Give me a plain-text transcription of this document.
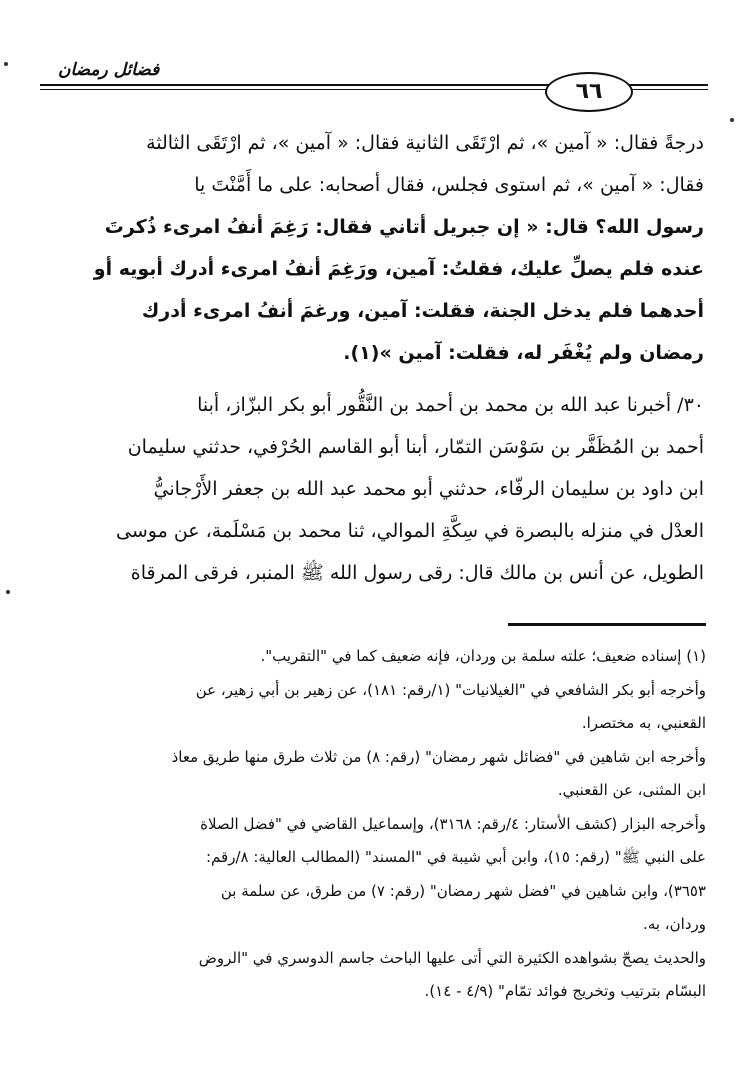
فضائل رمضان
٦٦
درجةً فقال: « آمين »، ثم ارْتَقَى الثانية فقال: « آمين »، ثم ارْتَقَى الثالثة
فقال: « آمين »، ثم استوى فجلس، فقال أصحابه: على ما أَمَّنْتَ يا
رسول الله؟ قال: « إن جبريل أتاني فقال: رَغِمَ أنفُ امرىء ذُكرتَ
عنده فلم يصلِّ عليك، فقلتُ: آمين، ورَغِمَ أنفُ امرىء أدرك أبويه أو
أحدهما فلم يدخل الجنة، فقلت: آمين، ورغمَ أنفُ امرىء أدرك
رمضان ولم يُغْفَر له، فقلت: آمين »(١).
٣٠/ أخبرنا عبد الله بن محمد بن أحمد بن النَّقُّور أبو بكر البزّاز، أبنا
أحمد بن المُظَفَّر بن سَوْسَن التمّار، أبنا أبو القاسم الحُرْفي، حدثني سليمان
ابن داود بن سليمان الرفّاء، حدثني أبو محمد عبد الله بن جعفر الأَرْجانيُّ
العدْل في منزله بالبصرة في سِكَّةِ الموالي، ثنا محمد بن مَسْلَمة، عن موسى
الطويل، عن أنس بن مالك قال: رقى رسول الله ﷺ المنبر، فرقى المرقاة
(١) إسناده ضعيف؛ علته سلمة بن وردان، فإنه ضعيف كما في "التقريب".
وأخرجه أبو بكر الشافعي في "الغيلانيات" (١/رقم: ١٨١)، عن زهير بن أبي زهير، عن
القعنبي، به مختصرا.
وأخرجه ابن شاهين في "فضائل شهر رمضان" (رقم: ٨) من ثلاث طرق منها طريق معاذ
ابن المثنى، عن القعنبي.
وأخرجه البزار (كشف الأستار: ٤/رقم: ٣١٦٨)، وإسماعيل القاضي في "فضل الصلاة
على النبي ﷺ" (رقم: ١٥)، وابن أبي شيبة في "المسند" (المطالب العالية: ٨/رقم:
٣٦٥٣)، وابن شاهين في "فضل شهر رمضان" (رقم: ٧) من طرق، عن سلمة بن
وردان، به.
والحديث يصحّ بشواهده الكثيرة التي أتى عليها الباحث جاسم الدوسري في "الروض
البسّام بترتيب وتخريج فوائد تمّام" (٤/٩ - ١٤).
